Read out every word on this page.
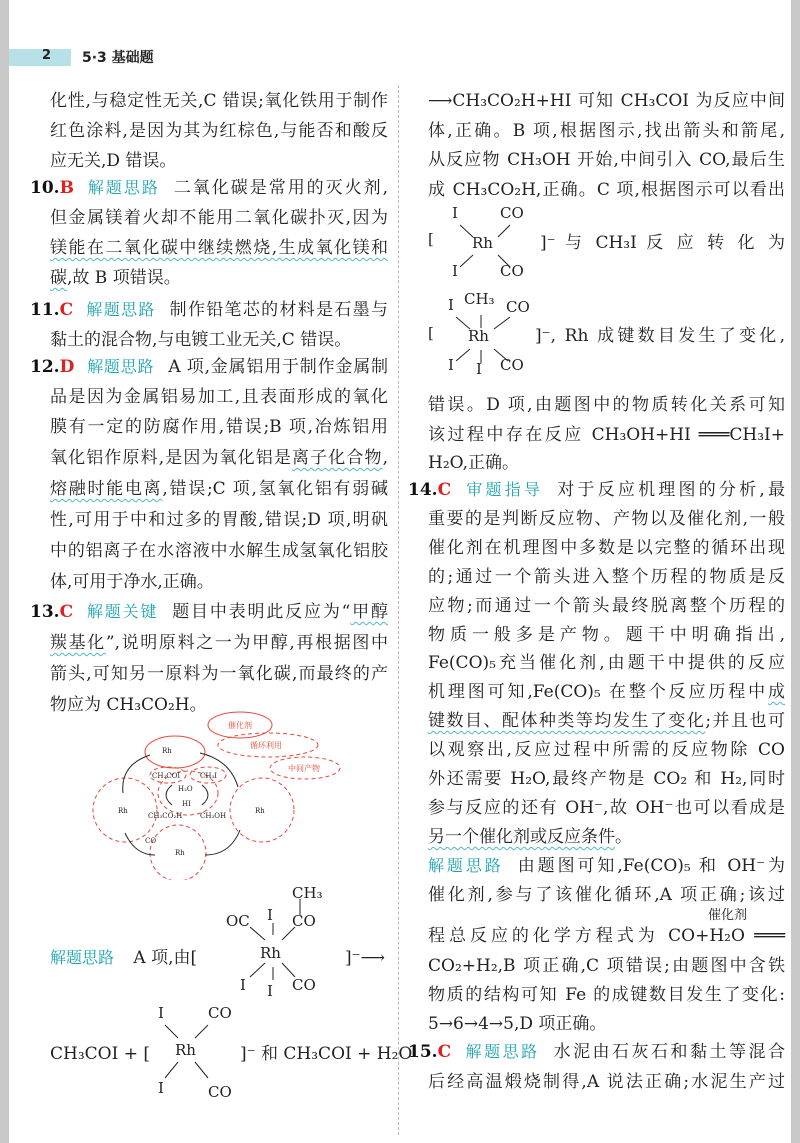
2 5·3 基础题
化性,与稳定性无关,C 错误;氧化铁用于制作
红色涂料,是因为其为红棕色,与能否和酸反
应无关,D 错误。
10.B 解题思路 二氧化碳是常用的灭火剂,
但金属镁着火却不能用二氧化碳扑灭,因为
镁能在二氧化碳中继续燃烧,生成氧化镁和
碳,故 B 项错误。
11.C 解题思路 制作铅笔芯的材料是石墨与
黏土的混合物,与电镀工业无关,C 错误。
12.D 解题思路 A 项,金属铝用于制作金属制
品是因为金属铝易加工,且表面形成的氧化
膜有一定的防腐作用,错误;B 项,冶炼铝用
氧化铝作原料,是因为氧化铝是离子化合物,
熔融时能电离,错误;C 项,氢氧化铝有弱碱
性,可用于中和过多的胃酸,错误;D 项,明矾
中的铝离子在水溶液中水解生成氢氧化铝胶
体,可用于净水,正确。
13.C 解题关键 题目中表明此反应为“甲醇
羰基化”,说明原料之一为甲醇,再根据图中
箭头,可知另一原料为一氧化碳,而最终的产
物应为 CH₃CO₂H。
⟶CH₃CO₂H+HI 可知 CH₃COI 为反应中间
体,正确。B 项,根据图示,找出箭头和箭尾,
从反应物 CH₃OH 开始,中间引入 CO,最后生
成 CH₃CO₂H,正确。C 项,根据图示可以看出
错误。D 项,由题图中的物质转化关系可知
该过程中存在反应 CH₃OH+HI ═══CH₃I+
H₂O,正确。
14.C 审题指导 对于反应机理图的分析,最
重要的是判断反应物、产物以及催化剂,一般
催化剂在机理图中多数是以完整的循环出现
的;通过一个箭头进入整个历程的物质是反
应物;而通过一个箭头最终脱离整个历程的
物质一般多是产物。题干中明确指出,
Fe(CO)₅充当催化剂,由题干中提供的反应
机理图可知,Fe(CO)₅ 在整个反应历程中成
键数目、配体种类等均发生了变化;并且也可
以观察出,反应过程中所需的反应物除 CO
外还需要 H₂O,最终产物是 CO₂ 和 H₂,同时
参与反应的还有 OH⁻,故 OH⁻也可以看成是
另一个催化剂或反应条件。
解题思路 由题图可知,Fe(CO)₅ 和 OH⁻为
催化剂,参与了该催化循环,A 项正确;该过
程总反应的化学方程式为 CO+H₂O ═══
CO₂+H₂,B 项正确,C 项错误;由题图中含铁
物质的结构可知 Fe 的成键数目发生了变化:
5→6→4→5,D 项正确。
15.C 解题思路 水泥由石灰石和黏土等混合
后经高温煅烧制得,A 说法正确;水泥生产过
催化剂
循环利用
中间产物
Rh
CH₃COI	CH₃I
H₂O
HI
CH₃CO₂H	CH₃OH
CO
Rh	Rh
Rh
解题思路 A 项,由[
CH₃
OC I CO
Rh
I I CO
]⁻⟶
CH₃COI + [
I	CO
Rh
I	CO
]⁻ 和 CH₃COI + H₂O
[
I	CO
Rh
I	CO
]⁻ 与 CH₃I 反 应 转 化 为
[
I CH₃ CO
Rh
I I CO
]⁻, Rh 成键数目发生了变化,
催化剂
